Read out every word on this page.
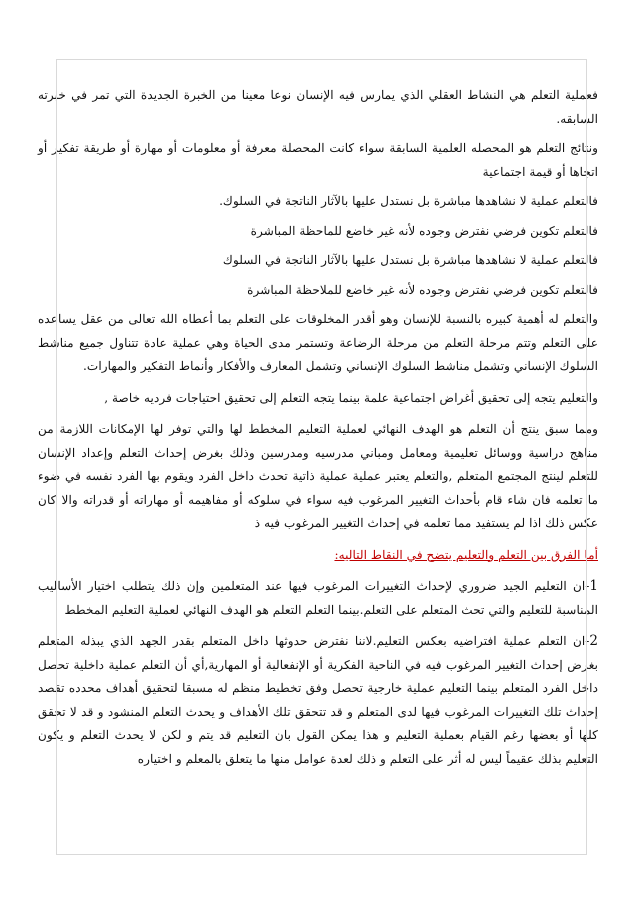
فعملية التعلم هي النشاط العقلي الذي يمارس فيه الإنسان نوعا معينا من الخبرة الجديدة التي تمر في خبرته السابقه.

ونتائج التعلم هو المحصله العلمية السابقة سواء كانت المحصلة معرفة أو معلومات أو مهارة أو طريقة تفكير أو اتجاها أو قيمة اجتماعية

فالتعلم عملية لا نشاهدها مباشرة بل نستدل عليها بالآثار الناتجة في السلوك.

فالتعلم تكوين فرضي نفترض وجوده لأنه غير خاضع للماحظة المباشرة

فالتعلم عملية لا نشاهدها مباشرة بل نستدل عليها بالآثار الناتجة في السلوك

فالتعلم تكوين فرضي نفترض وجوده لأنه غير خاضع للملاحظة المباشرة

والتعلم له أهمية كبيره بالنسبة للإنسان وهو أقدر المخلوقات على التعلم بما أعطاه الله تعالى من عقل يساعده على التعلم وتتم مرحلة التعلم من مرحلة الرضاعة وتستمر مدى الحياة وهي عملية عادة تتناول جميع مناشط السلوك الإنساني وتشمل مناشط السلوك الإنساني وتشمل المعارف والأفكار وأنماط التفكير والمهارات.

والتعليم يتجه إلى تحقيق أغراض اجتماعية علمة بينما يتجه التعلم إلى تحقيق احتياجات فرديه خاصة ,

ومما سبق ينتج أن التعلم هو الهدف النهائي لعملية التعليم المخطط لها والتي توفر لها الإمكانات اللازمة من مناهج دراسية ووسائل تعليمية ومعامل ومباني مدرسيه ومدرسين وذلك بغرض إحداث التعلم وإعداد الإنسان للتعلم لينتج المجتمع المتعلم ,والتعلم يعتبر عملية عملية ذاتية تحدث داخل الفرد ويقوم بها الفرد نفسه في ضوء ما تعلمه فان شاء قام بأحداث التغيير المرغوب فيه سواء في سلوكه أو مفاهيمه أو مهاراته أو قدراته والا كان عكس ذلك اذا لم يستفيد مما تعلمه في إحداث التغيير المرغوب فيه ذ

أما الفرق بين التعلم والتعليم يتضح في النقاط التاليه:

1-ان التعليم الجيد ضروري لإحداث التغييرات المرغوب فيها عند المتعلمين وإن ذلك يتطلب اختيار الأساليب المناسبة للتعليم والتي تحث المتعلم على التعلم.بينما التعلم التعلم هو الهدف النهائي لعملية التعليم المخطط

2-ان التعلم عملية افتراضيه بعكس التعليم.لاننا نفترض حدوثها داخل المتعلم بقدر الجهد الذي يبذله المتعلم بغرض إحداث التغيير المرغوب فيه في الناحية الفكرية أو الإنفعالية أو المهارية,أي أن التعلم عملية داخلية تحصل داخل الفرد المتعلم بينما التعليم عملية خارجية تحصل وفق تخطيط منظم له مسبقا لتحقيق أهداف محدده تقصد إحداث تلك التغييرات المرغوب فيها لدى المتعلم و قد تتحقق تلك الأهداف و يحدث التعلم المنشود و قد لا تحقق كلها أو بعضها رغم القيام بعملية التعليم و هذا يمكن القول بان التعليم قد يتم و لكن لا يحدث التعلم و يكون التعليم بذلك عقيماً ليس له أثر على التعلم و ذلك لعدة عوامل منها ما يتعلق بالمعلم و اختياره
